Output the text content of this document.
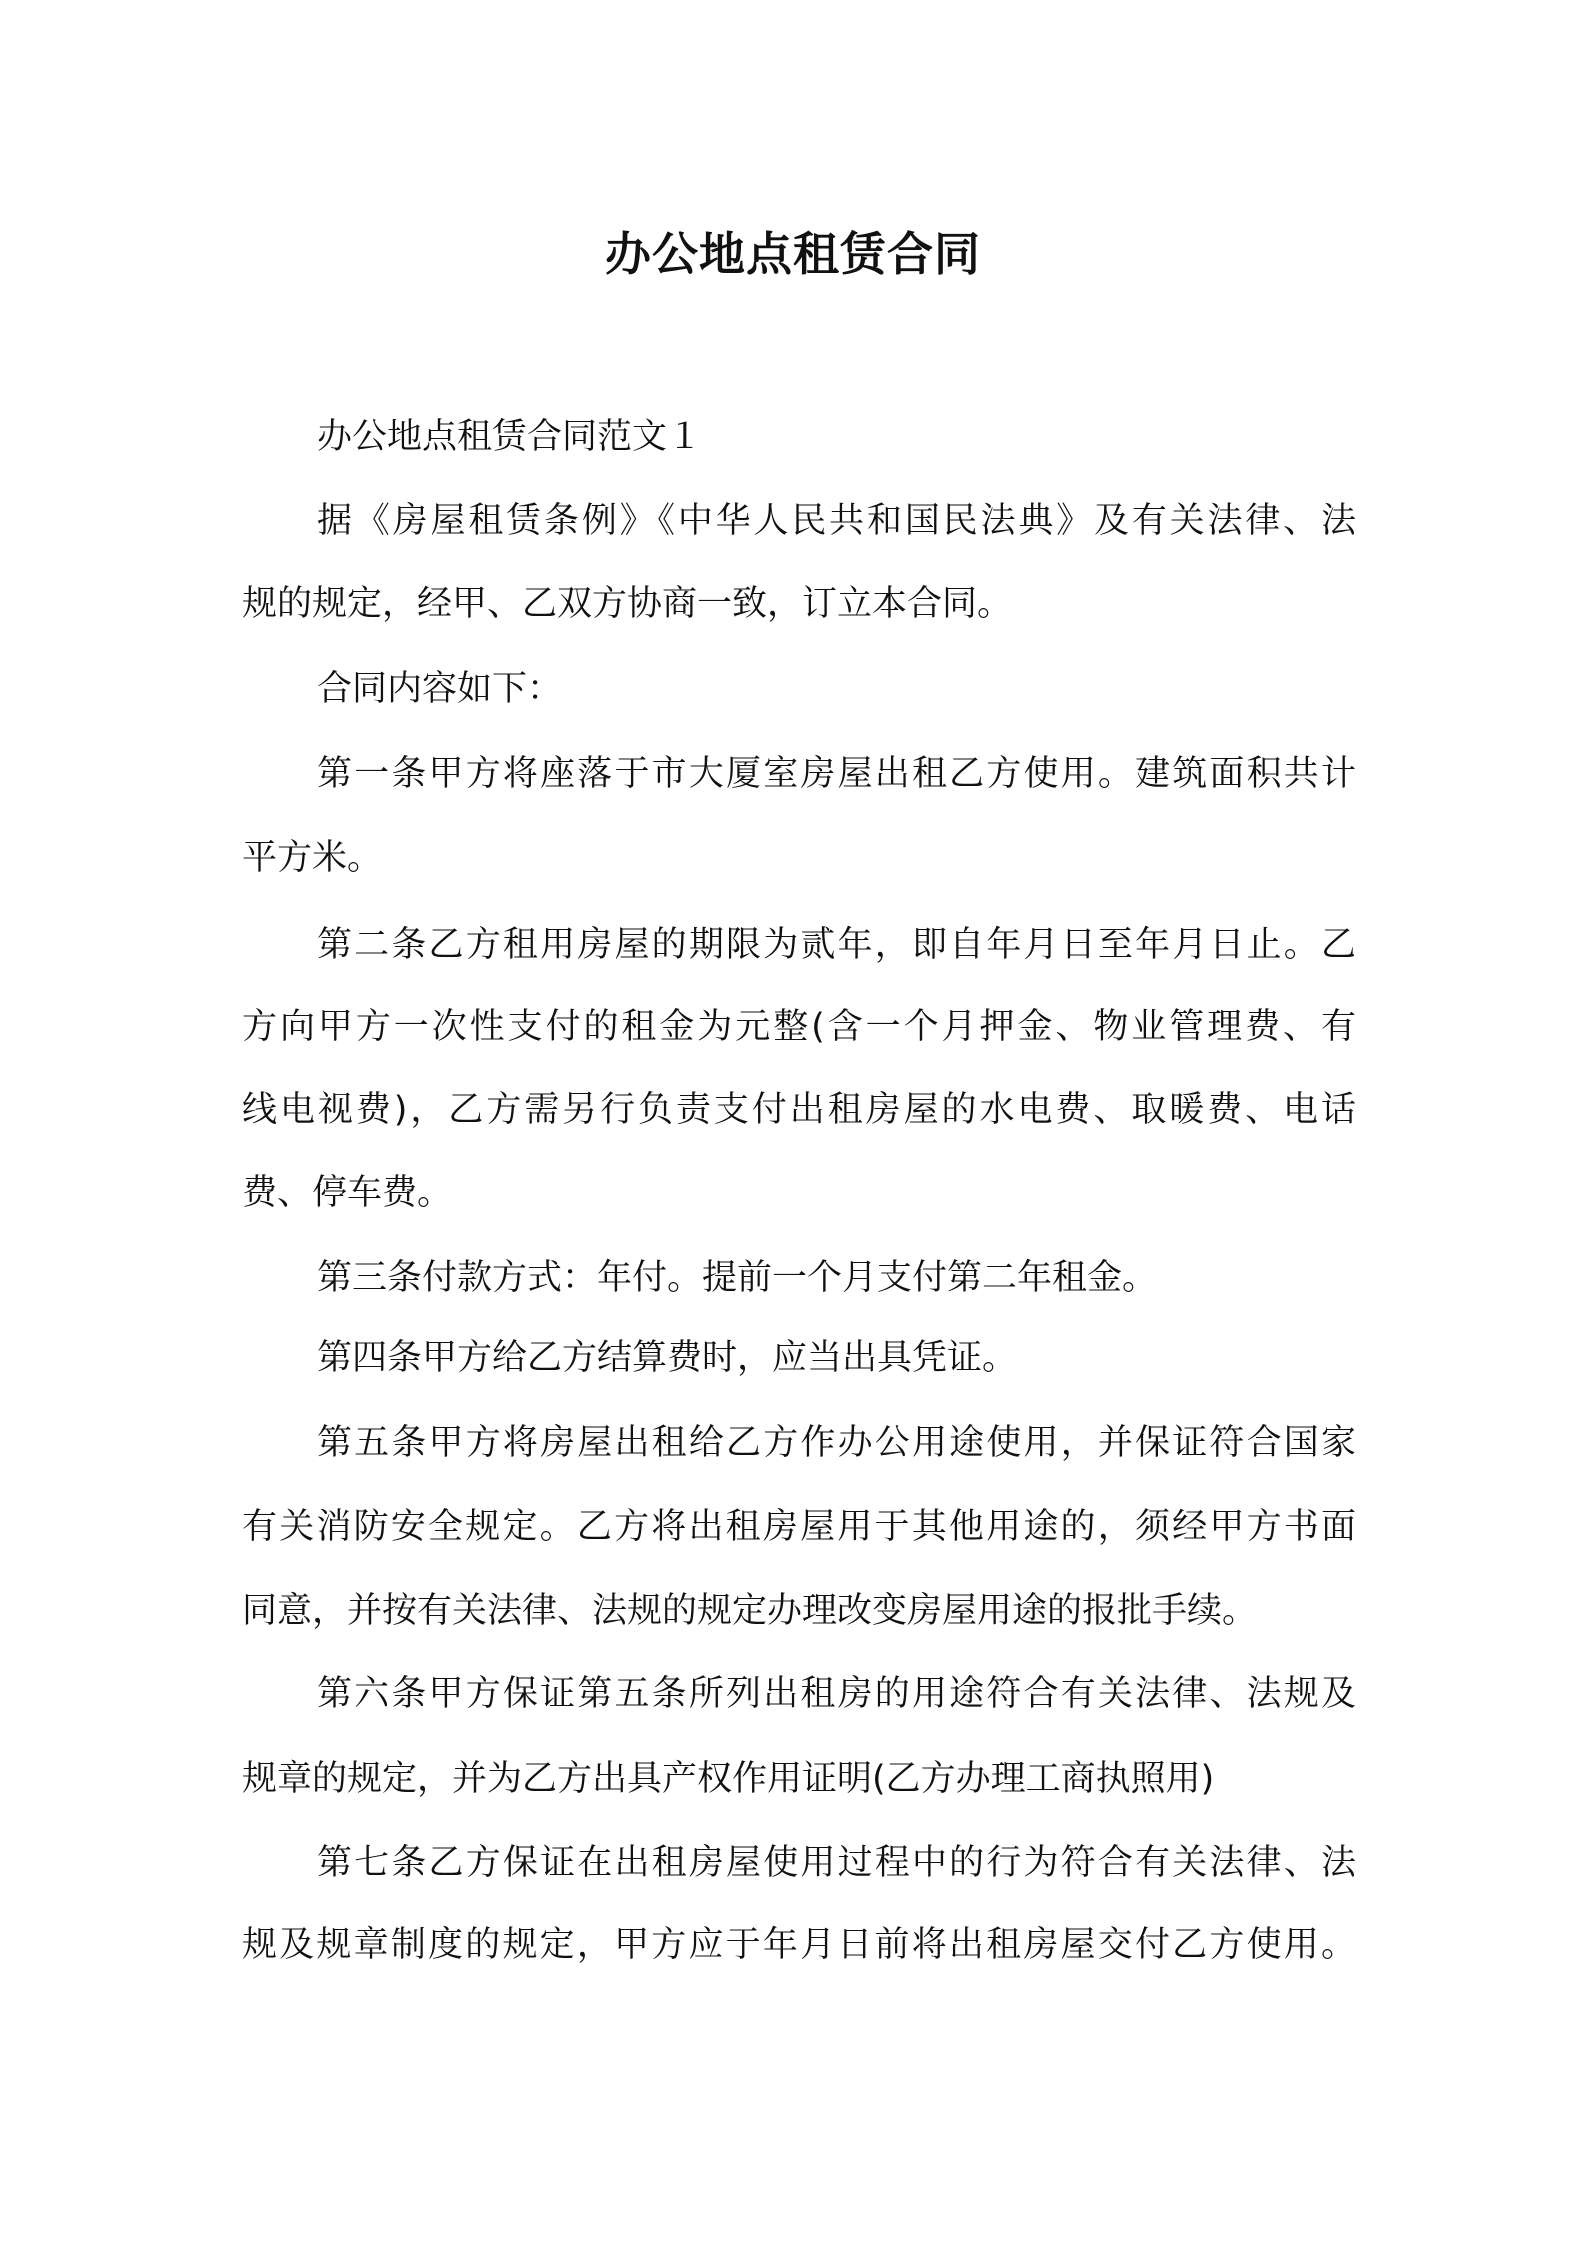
办公地点租赁合同
办公地点租赁合同范文１
据《房屋租赁条例》《中华人民共和国民法典》及有关法律、法
规的规定，经甲、乙双方协商一致，订立本合同。
合同内容如下：
第一条甲方将座落于市大厦室房屋出租乙方使用。建筑面积共计
平方米。
第二条乙方租用房屋的期限为贰年，即自年月日至年月日止。乙
方向甲方一次性支付的租金为元整(含一个月押金、物业管理费、有
线电视费)，乙方需另行负责支付出租房屋的水电费、取暖费、电话
费、停车费。
第三条付款方式：年付。提前一个月支付第二年租金。
第四条甲方给乙方结算费时，应当出具凭证。
第五条甲方将房屋出租给乙方作办公用途使用，并保证符合国家
有关消防安全规定。乙方将出租房屋用于其他用途的，须经甲方书面
同意，并按有关法律、法规的规定办理改变房屋用途的报批手续。
第六条甲方保证第五条所列出租房的用途符合有关法律、法规及
规章的规定，并为乙方出具产权作用证明(乙方办理工商执照用)
第七条乙方保证在出租房屋使用过程中的行为符合有关法律、法
规及规章制度的规定，甲方应于年月日前将出租房屋交付乙方使用。
